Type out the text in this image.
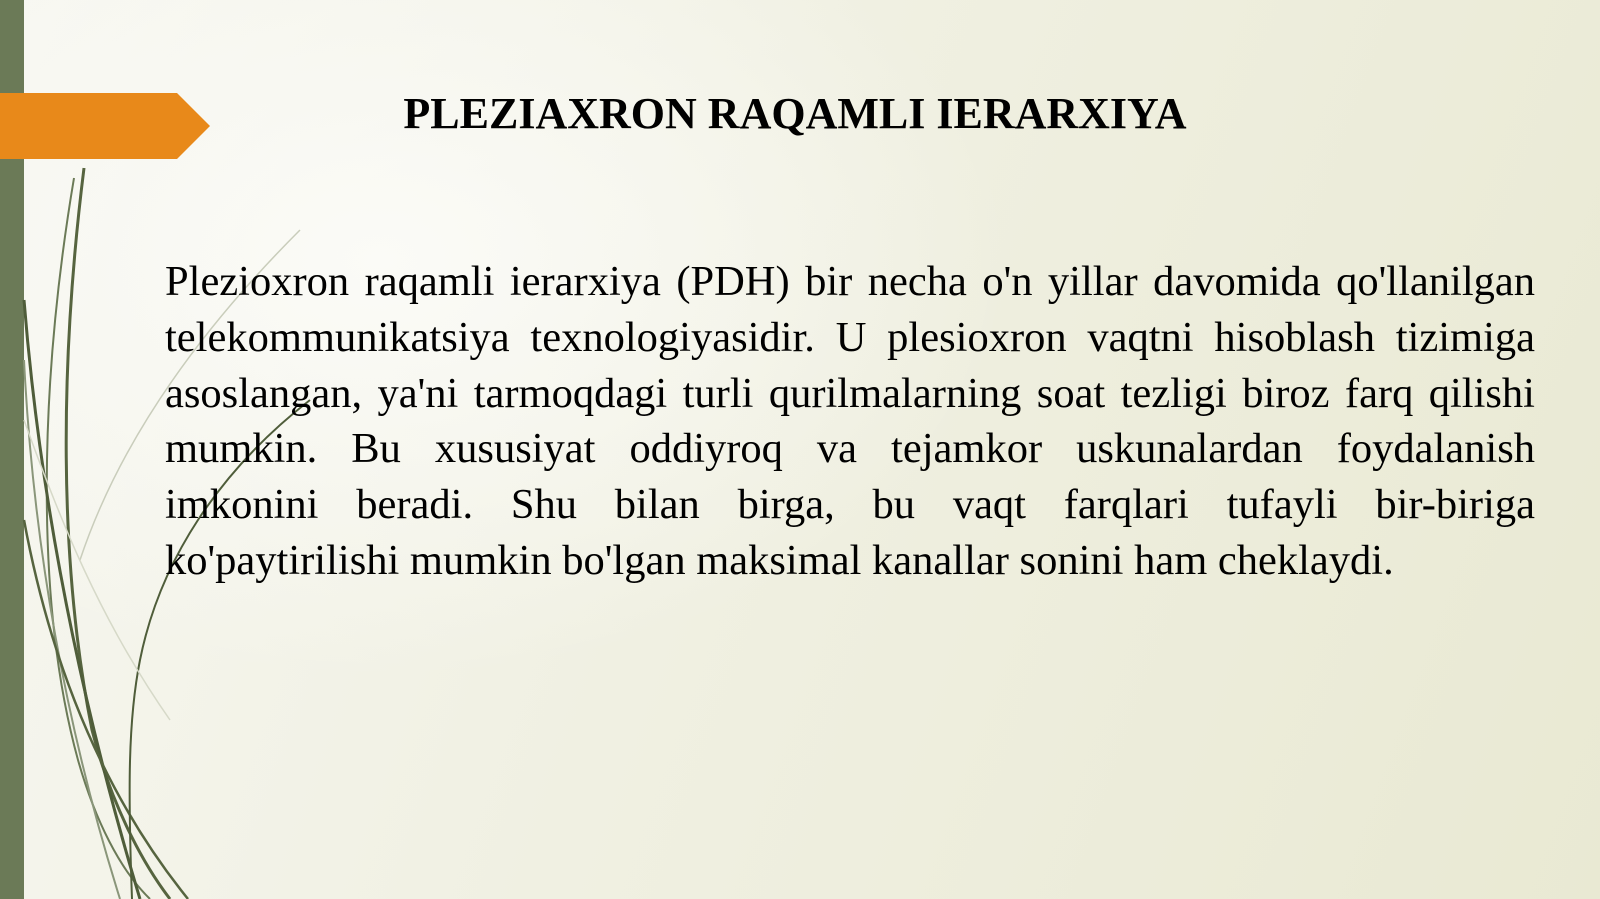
PLEZIAXRON RAQAMLI IERARXIYA

Plezioxron raqamli ierarxiya (PDH) bir necha o'n yillar davomida qo'llanilgan telekommunikatsiya texnologiyasidir. U plesioxron vaqtni hisoblash tizimiga asoslangan, ya'ni tarmoqdagi turli qurilmalarning soat tezligi biroz farq qilishi mumkin. Bu xususiyat oddiyroq va tejamkor uskunalardan foydalanish imkonini beradi. Shu bilan birga, bu vaqt farqlari tufayli bir-biriga ko'paytirilishi mumkin bo'lgan maksimal kanallar sonini ham cheklaydi.
